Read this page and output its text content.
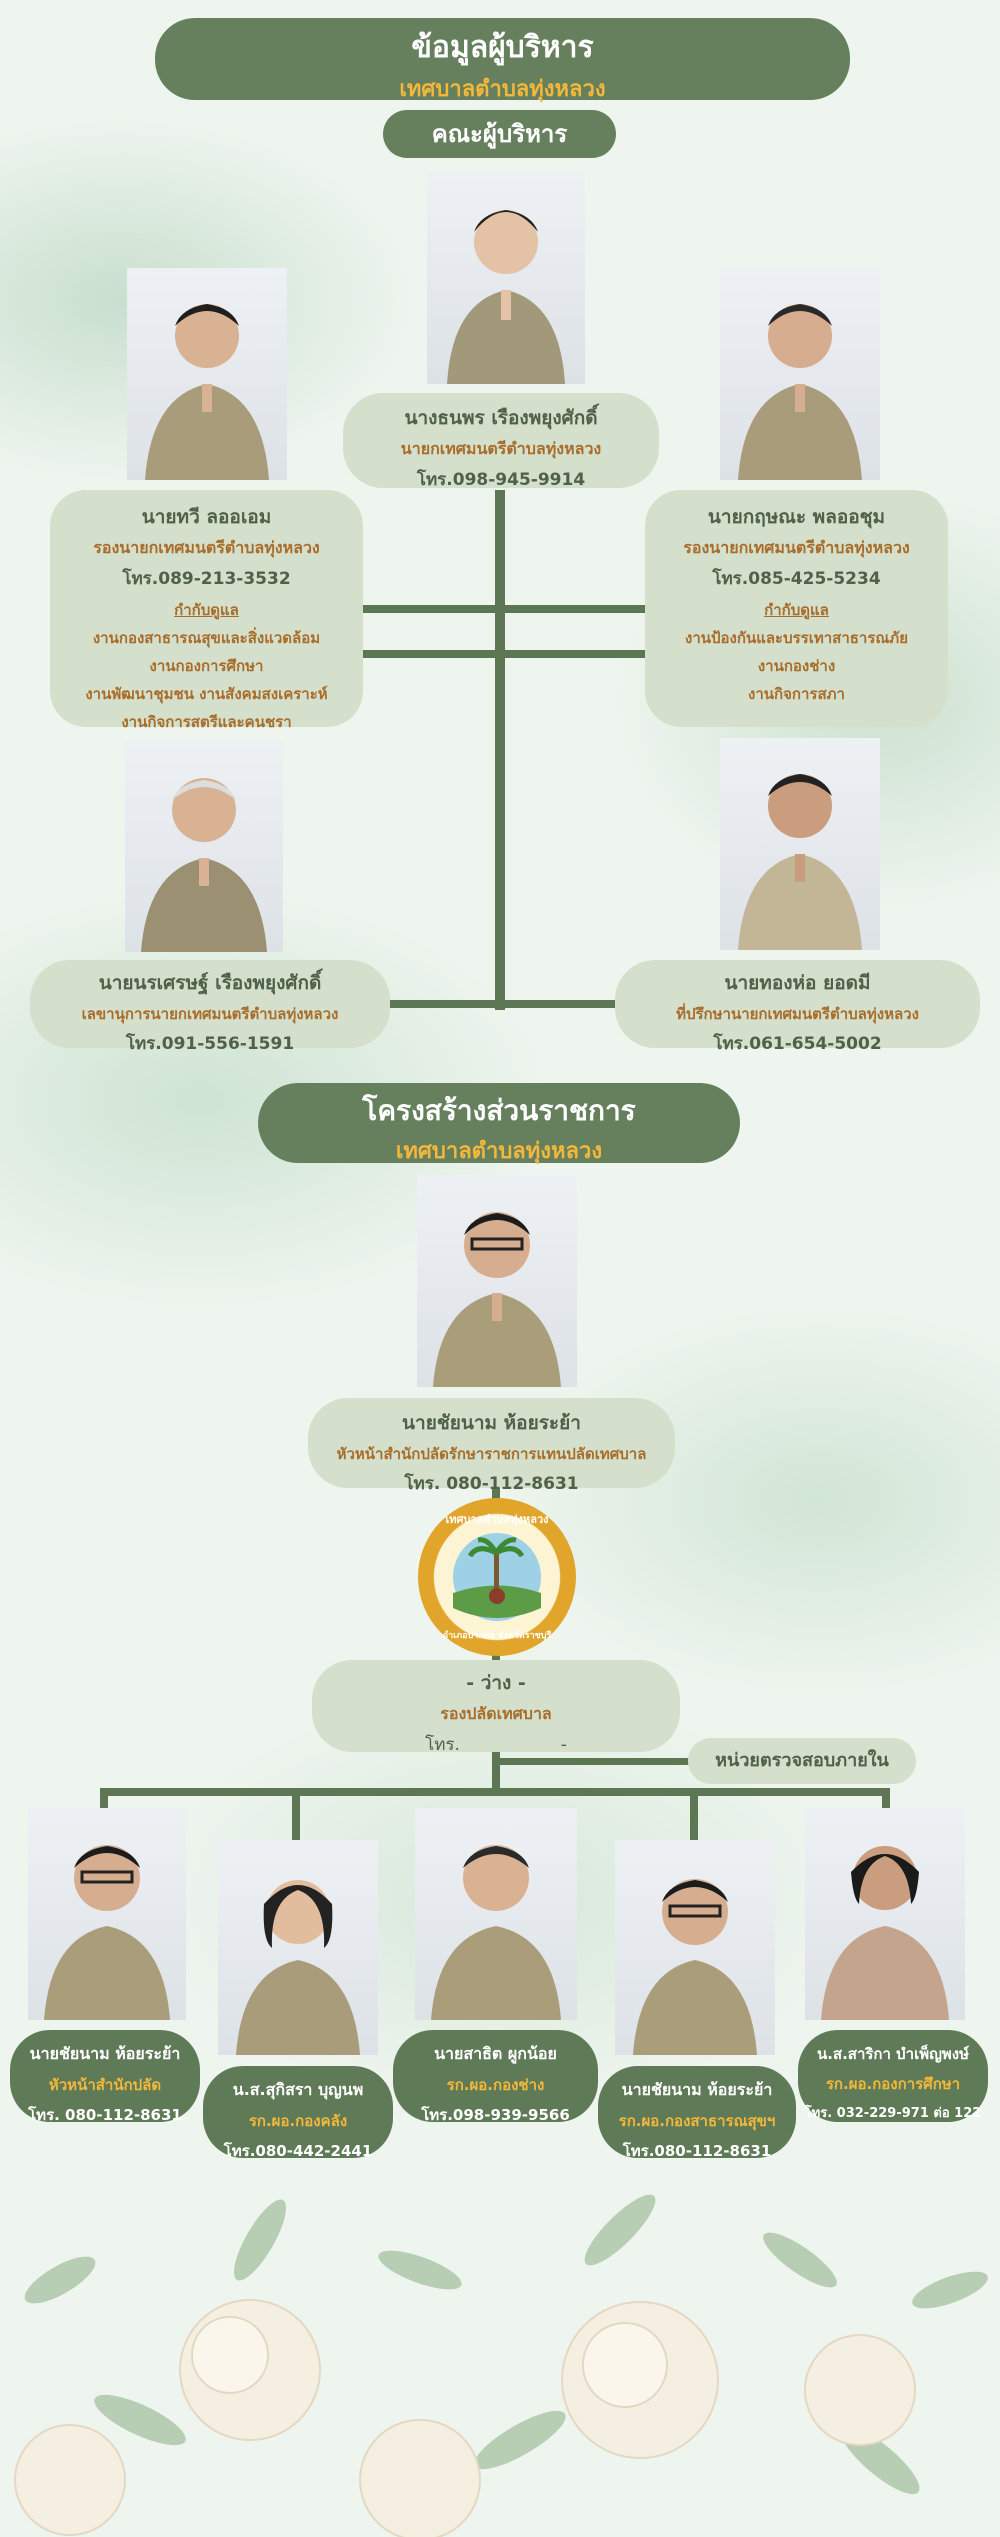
ข้อมูลผู้บริหาร
เทศบาลตำบลทุ่งหลวง
คณะผู้บริหาร
นางธนพร เรืองพยุงศักดิ์
นายกเทศมนตรีตำบลทุ่งหลวง
โทร.098-945-9914
นายทวี ลออเอม
รองนายกเทศมนตรีตำบลทุ่งหลวง
โทร.089-213-3532
กำกับดูแล
งานกองสาธารณสุขและสิ่งแวดล้อม
งานกองการศึกษา
งานพัฒนาชุมชน งานสังคมสงเคราะห์
งานกิจการสตรีและคนชรา
นายกฤษณะ พลออชุม
รองนายกเทศมนตรีตำบลทุ่งหลวง
โทร.085-425-5234
กำกับดูแล
งานป้องกันและบรรเทาสาธารณภัย
งานกองช่าง
งานกิจการสภา
นายนรเศรษฐ์ เรืองพยุงศักดิ์
เลขานุการนายกเทศมนตรีตำบลทุ่งหลวง
โทร.091-556-1591
นายทองห่อ ยอดมี
ที่ปรึกษานายกเทศมนตรีตำบลทุ่งหลวง
โทร.061-654-5002
โครงสร้างส่วนราชการ
เทศบาลตำบลทุ่งหลวง
นายชัยนาม ห้อยระย้า
หัวหน้าสำนักปลัดรักษาราชการแทนปลัดเทศบาล
โทร. 080-112-8631
เทศบาลตำบลทุ่งหลวง
อำเภอปากท่อ จังหวัดราชบุรี
- ว่าง -
รองปลัดเทศบาล
โทร.	-
หน่วยตรวจสอบภายใน
นายชัยนาม ห้อยระย้า
หัวหน้าสำนักปลัด
โทร. 080-112-8631
น.ส.สุกิสรา บุญนพ
รก.ผอ.กองคลัง
โทร.080-442-2441
นายสาธิต ผูกน้อย
รก.ผอ.กองช่าง
โทร.098-939-9566
นายชัยนาม ห้อยระย้า
รก.ผอ.กองสาธารณสุขฯ
โทร.080-112-8631
น.ส.สาริกา บำเพ็ญพงษ์
รก.ผอ.กองการศึกษา
โทร. 032-229-971 ต่อ 122
